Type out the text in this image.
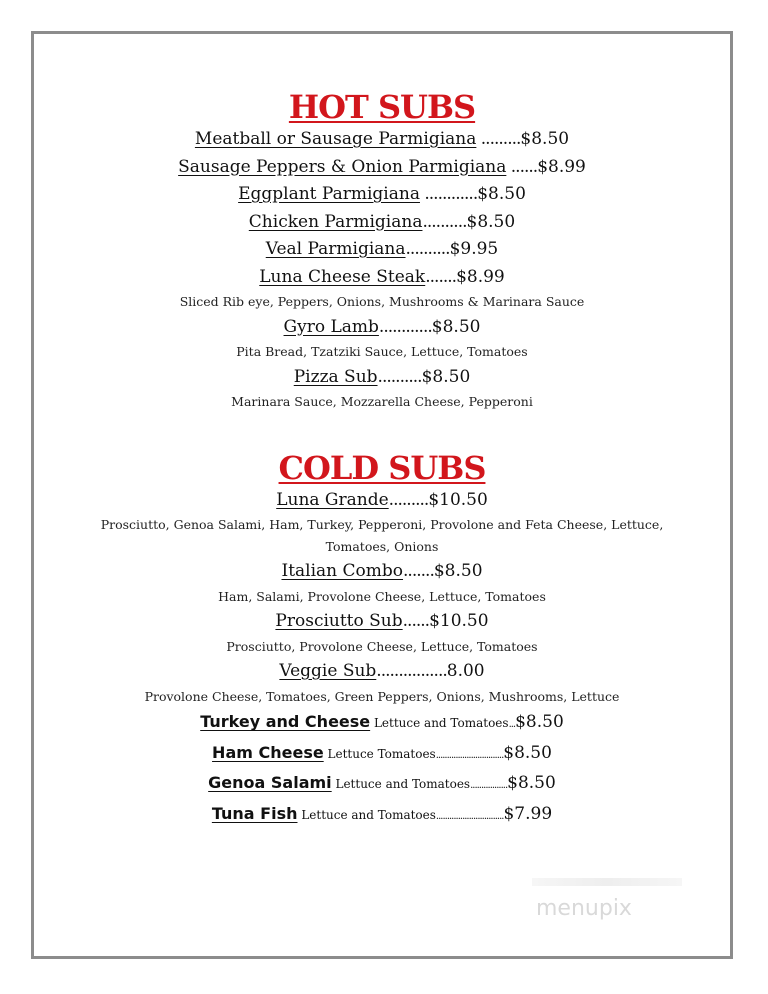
HOT SUBS
Meatball or Sausage Parmigiana .........$8.50
Sausage Peppers & Onion Parmigiana ......$8.99
Eggplant Parmigiana ............$8.50
Chicken Parmigiana..........$8.50
Veal Parmigiana..........$9.95
Luna Cheese Steak.......$8.99
Sliced Rib eye, Peppers, Onions, Mushrooms & Marinara Sauce
Gyro Lamb............$8.50
Pita Bread, Tzatziki Sauce, Lettuce, Tomatoes
Pizza Sub..........$8.50
Marinara Sauce, Mozzarella Cheese, Pepperoni
COLD SUBS
Luna Grande.........$10.50
Prosciutto, Genoa Salami, Ham, Turkey, Pepperoni, Provolone and Feta Cheese, Lettuce, Tomatoes, Onions
Italian Combo.......$8.50
Ham, Salami, Provolone Cheese, Lettuce, Tomatoes
Prosciutto Sub......$10.50
Prosciutto, Provolone Cheese, Lettuce, Tomatoes
Veggie Sub................8.00
Provolone Cheese, Tomatoes, Green Peppers, Onions, Mushrooms, Lettuce
Turkey and Cheese Lettuce and Tomatoes...$8.50
Ham Cheese Lettuce Tomatoes...............................$8.50
Genoa Salami Lettuce and Tomatoes.................$8.50
Tuna Fish Lettuce and Tomatoes...............................$7.99
menupix
